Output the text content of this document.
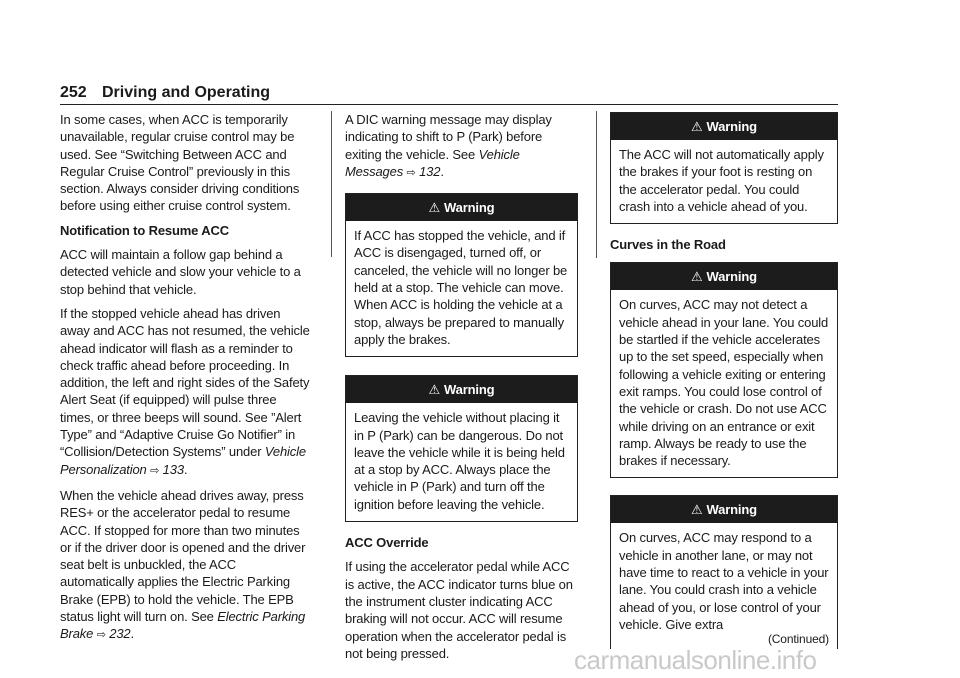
252 Driving and Operating

In some cases, when ACC is temporarily unavailable, regular cruise control may be used. See “Switching Between ACC and Regular Cruise Control” previously in this section. Always consider driving conditions before using either cruise control system.

Notification to Resume ACC

ACC will maintain a follow gap behind a detected vehicle and slow your vehicle to a stop behind that vehicle.

If the stopped vehicle ahead has driven away and ACC has not resumed, the vehicle ahead indicator will flash as a reminder to check traffic ahead before proceeding. In addition, the left and right sides of the Safety Alert Seat (if equipped) will pulse three times, or three beeps will sound. See ”Alert Type” and “Adaptive Cruise Go Notifier” in “Collision/Detection Systems” under Vehicle Personalization ⇨ 133.

When the vehicle ahead drives away, press RES+ or the accelerator pedal to resume ACC. If stopped for more than two minutes or if the driver door is opened and the driver seat belt is unbuckled, the ACC automatically applies the Electric Parking Brake (EPB) to hold the vehicle. The EPB status light will turn on. See Electric Parking Brake ⇨ 232.

A DIC warning message may display indicating to shift to P (Park) before exiting the vehicle. See Vehicle Messages ⇨ 132.

⚠ Warning
If ACC has stopped the vehicle, and if ACC is disengaged, turned off, or canceled, the vehicle will no longer be held at a stop. The vehicle can move. When ACC is holding the vehicle at a stop, always be prepared to manually apply the brakes.
⚠ Warning
Leaving the vehicle without placing it in P (Park) can be dangerous. Do not leave the vehicle while it is being held at a stop by ACC. Always place the vehicle in P (Park) and turn off the ignition before leaving the vehicle.

ACC Override

If using the accelerator pedal while ACC is active, the ACC indicator turns blue on the instrument cluster indicating ACC braking will not occur. ACC will resume operation when the accelerator pedal is not being pressed.

⚠ Warning
The ACC will not automatically apply the brakes if your foot is resting on the accelerator pedal. You could crash into a vehicle ahead of you.

Curves in the Road

⚠ Warning
On curves, ACC may not detect a vehicle ahead in your lane. You could be startled if the vehicle accelerates up to the set speed, especially when following a vehicle exiting or entering exit ramps. You could lose control of the vehicle or crash. Do not use ACC while driving on an entrance or exit ramp. Always be ready to use the brakes if necessary.
⚠ Warning
On curves, ACC may respond to a vehicle in another lane, or may not have time to react to a vehicle in your lane. You could crash into a vehicle ahead of you, or lose control of your vehicle. Give extra
(Continued)
carmanualsonline.info
